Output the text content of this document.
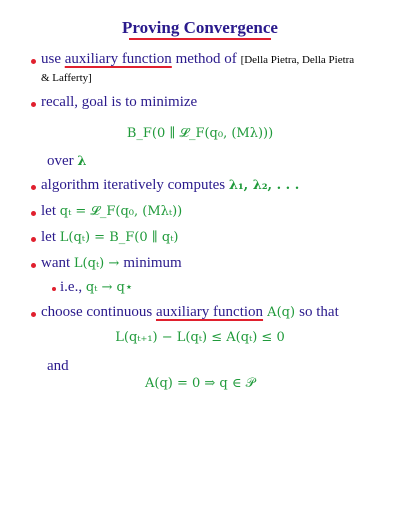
Proving Convergence
use auxiliary function method of [Della Pietra, Della Pietra
& Lafferty]
recall, goal is to minimize
B_F(0 ∥ 𝓛_F(q₀, (Mλ)))
over λ
algorithm iteratively computes λ₁, λ₂, . . .
let qₜ = 𝓛_F(q₀, (Mλₜ))
let L(qₜ) = B_F(0 ∥ qₜ)
want L(qₜ) → minimum
i.e., qₜ → q⋆
choose continuous auxiliary function A(q) so that
L(qₜ₊₁) − L(qₜ) ≤ A(qₜ) ≤ 0
and
A(q) = 0 ⇒ q ∈ 𝒫
